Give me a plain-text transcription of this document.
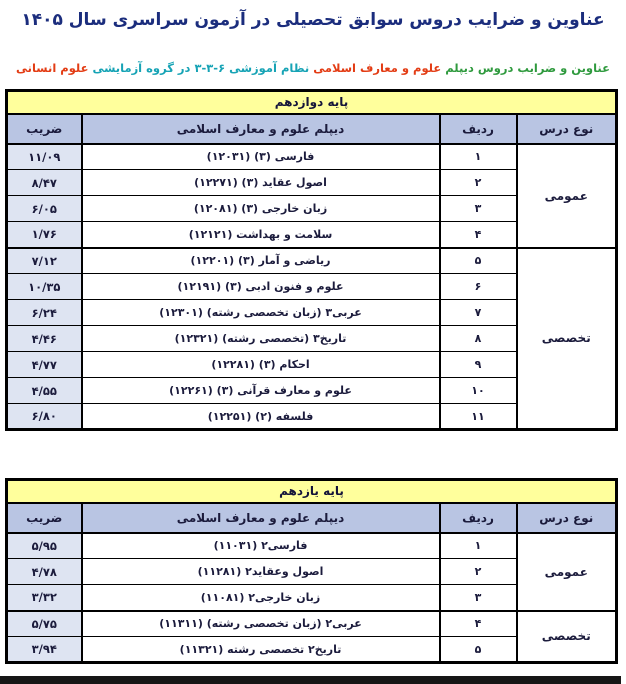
عناوین و ضرایب دروس سوابق تحصیلی در آزمون سراسری سال ۱۴۰۵
عناوین و ضرایب دروس دیپلم علوم و معارف اسلامی نظام آموزشی ۶-۳-۳ در گروه آزمایشی علوم انسانی
پایه دوازدهم			
نوع درس	ردیف	دیپلم علوم و معارف اسلامی	ضریب
عمومی	۱	فارسی (۳) (۱۲۰۳۱)	۱۱/۰۹
	۲	اصول عقاید (۳) (۱۲۲۷۱)	۸/۴۷
	۳	زبان خارجی (۳) (۱۲۰۸۱)	۶/۰۵
	۴	سلامت و بهداشت (۱۲۱۲۱)	۱/۷۶
تخصصی	۵	ریاضی و آمار (۳) (۱۲۲۰۱)	۷/۱۲
	۶	علوم و فنون ادبی (۳) (۱۲۱۹۱)	۱۰/۳۵
	۷	عربی۳ (زبان تخصصی رشته) (۱۲۳۰۱)	۶/۲۴
	۸	تاریخ۳ (تخصصی رشته) (۱۲۳۲۱)	۴/۴۶
	۹	احکام (۳) (۱۲۲۸۱)	۴/۷۷
	۱۰	علوم و معارف قرآنی (۳) (۱۲۲۶۱)	۴/۵۵
	۱۱	فلسفه (۲) (۱۲۲۵۱)	۶/۸۰
پایه یازدهم			
نوع درس	ردیف	دیپلم علوم و معارف اسلامی	ضریب
عمومی	۱	فارسی۲ (۱۱۰۳۱)	۵/۹۵
	۲	اصول وعقاید۲ (۱۱۲۸۱)	۴/۷۸
	۳	زبان خارجی۲ (۱۱۰۸۱)	۳/۳۲
تخصصی	۴	عربی۲ (زبان تخصصی رشته) (۱۱۳۱۱)	۵/۷۵
	۵	تاریخ۲ تخصصی رشته (۱۱۳۲۱)	۳/۹۴
